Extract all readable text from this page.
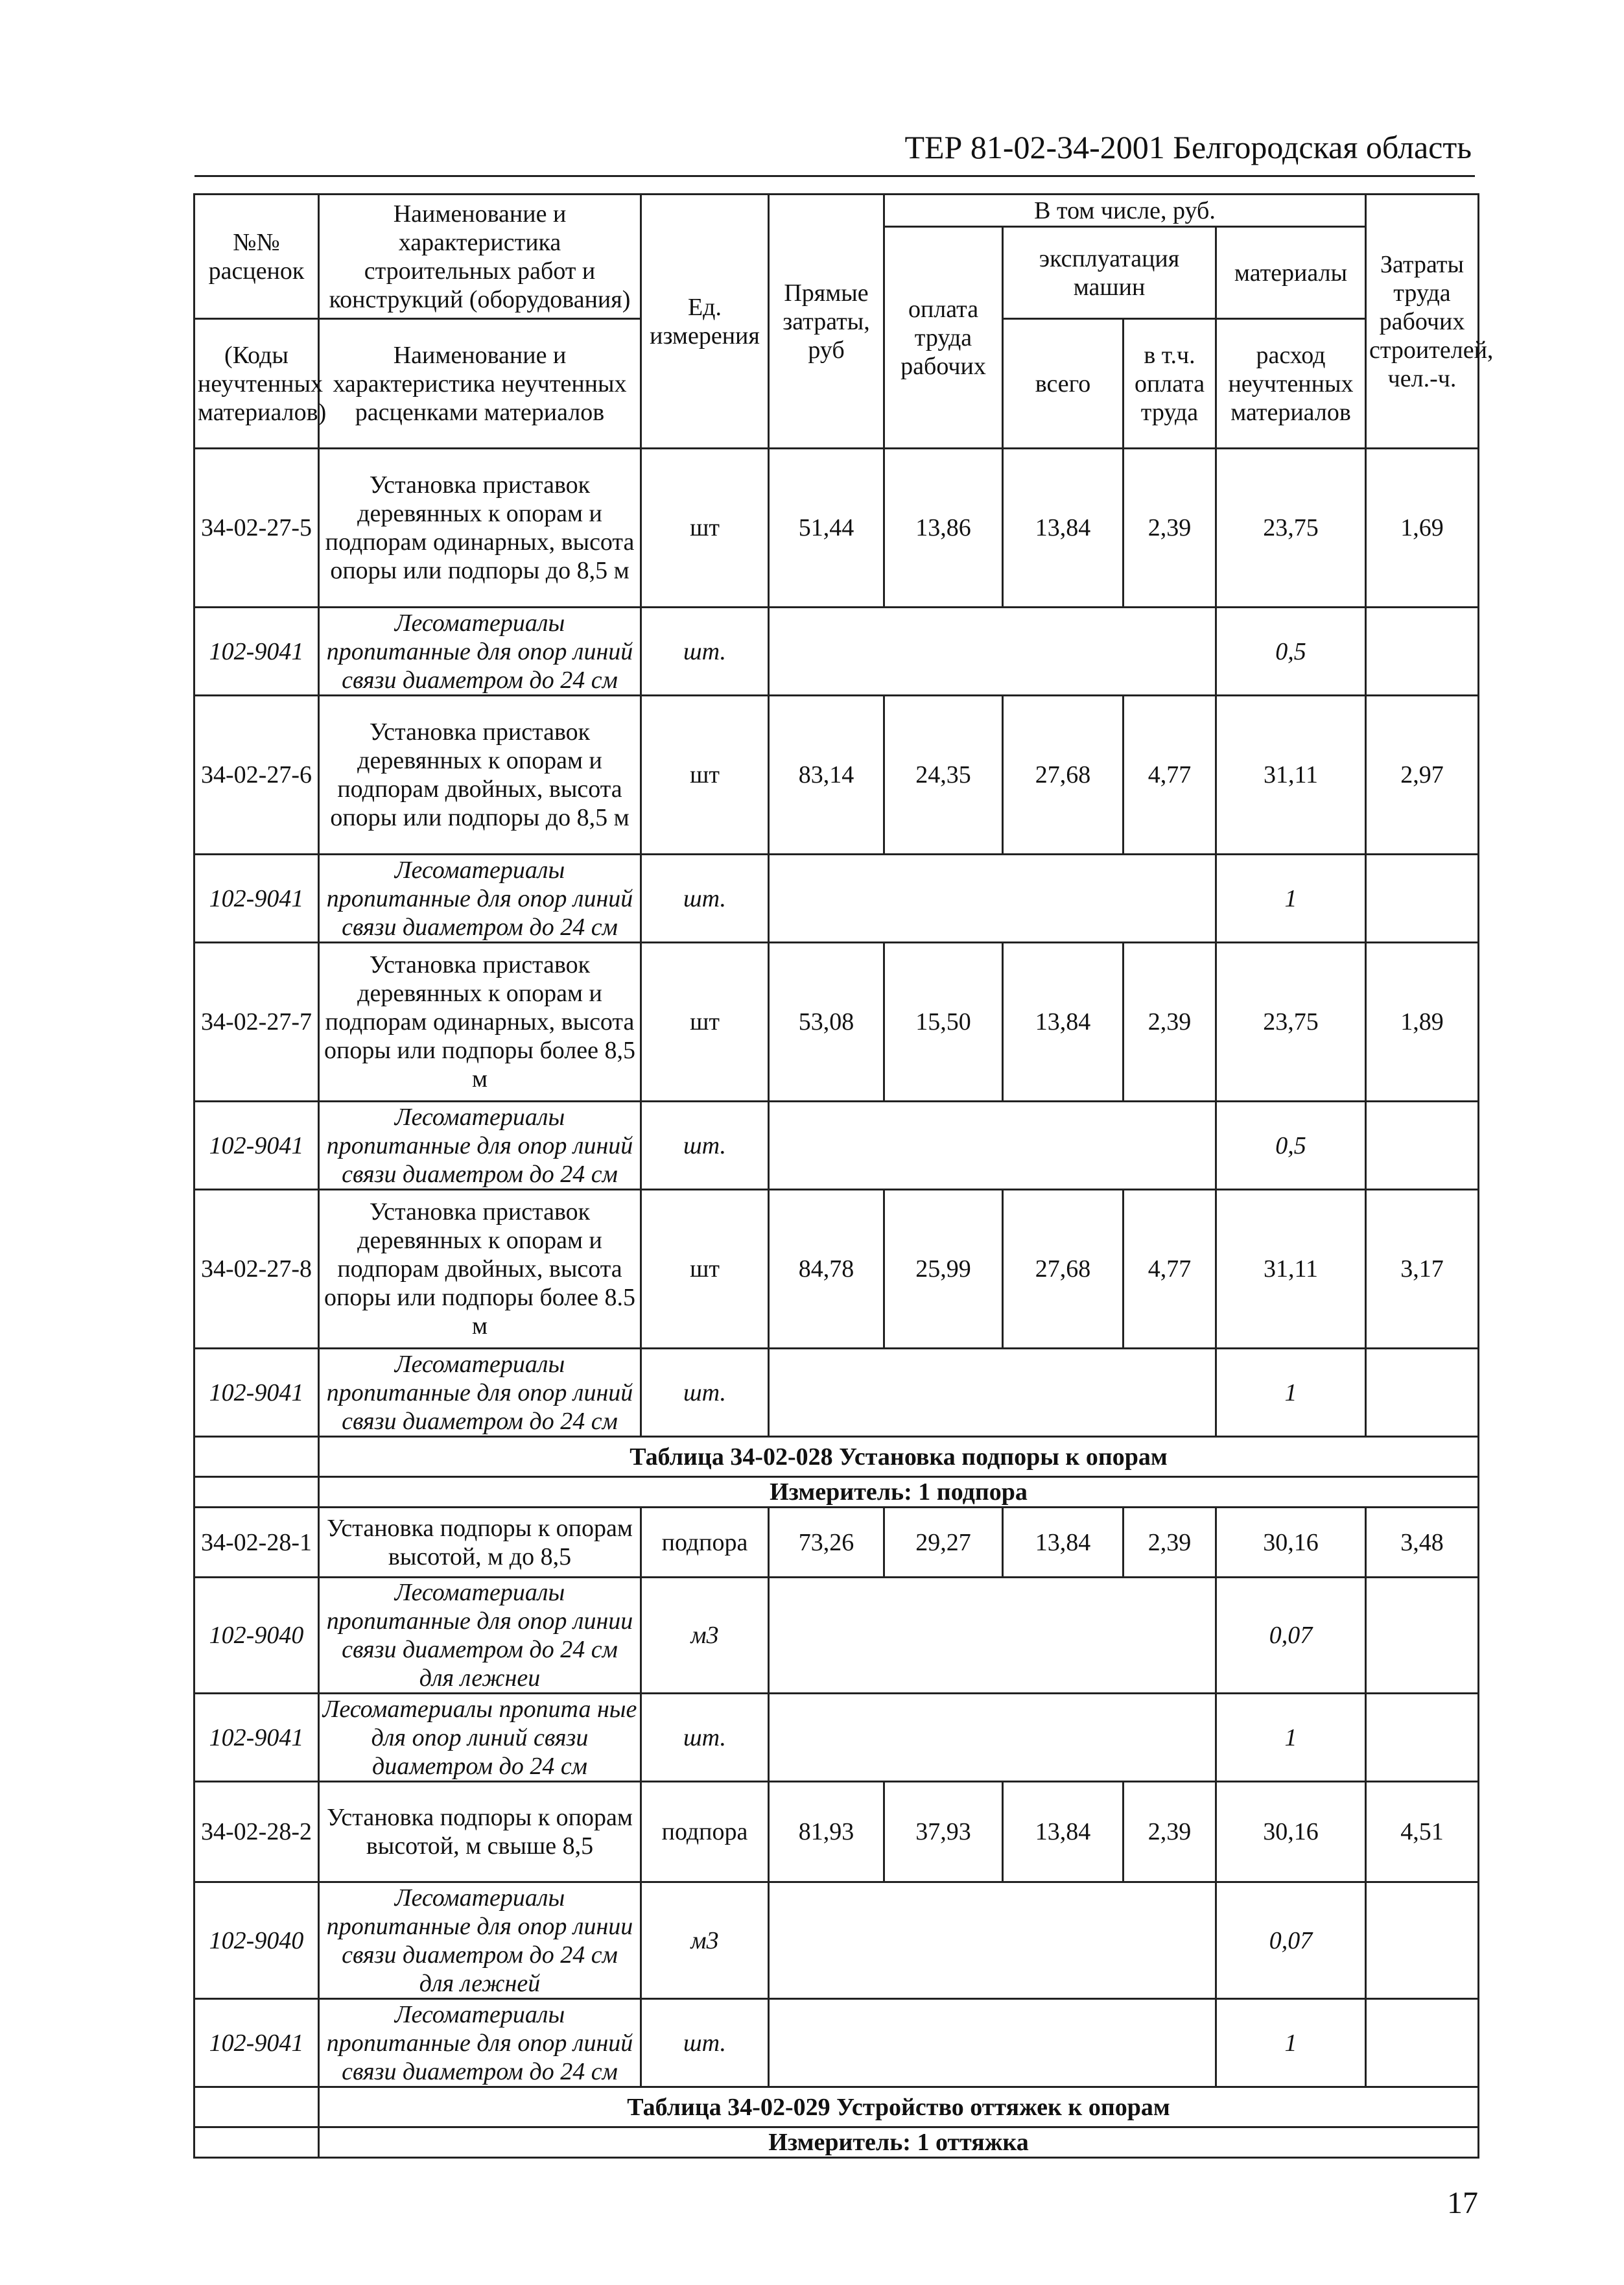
ТЕР 81-02-34-2001 Белгородская область
№№ расценок	Наименование и характеристика строительных работ и конструкций (оборудования)	Ед. измерения	Прямые затраты, руб	В том числе, руб.				Затраты труда рабочих строителей, чел.-ч.
				оплата труда рабочих	эксплуатация машин		материалы	

(Коды неучтенных материалов)	Наименование и характеристика неучтенных расценками материалов				всего	в т.ч. оплата труда	расход неучтенных материалов	

34-02-27-5	Установка приставок деревянных к опорам и подпорам одинарных, высота опоры или подпоры до 8,5 м	шт	51,44	13,86	13,84	2,39	23,75	1,69
102-9041	Лесоматериалы пропитанные для опор линий связи диаметром до 24 см	шт.					0,5	
34-02-27-6	Установка приставок деревянных к опорам и подпорам двойных, высота опоры или подпоры до 8,5 м	шт	83,14	24,35	27,68	4,77	31,11	2,97
102-9041	Лесоматериалы пропитанные для опор линий связи диаметром до 24 см	шт.					1	
34-02-27-7	Установка приставок деревянных к опорам и подпорам одинарных, высота опоры или подпоры более 8,5 м	шт	53,08	15,50	13,84	2,39	23,75	1,89
102-9041	Лесоматериалы пропитанные для опор линий связи диаметром до 24 см	шт.					0,5	
34-02-27-8	Установка приставок деревянных к опорам и подпорам двойных, высота опоры или подпоры более 8.5 м	шт	84,78	25,99	27,68	4,77	31,11	3,17
102-9041	Лесоматериалы пропитанные для опор линий связи диаметром до 24 см	шт.					1	
	Таблица 34-02-028 Установка подпоры к опорам							
	Измеритель: 1 подпора							
34-02-28-1	Установка подпоры к опорам высотой, м до 8,5	подпора	73,26	29,27	13,84	2,39	30,16	3,48
102-9040	Лесоматериалы пропитанные для опор линии связи диаметром до 24 см для лежнеи	м3					0,07	
102-9041	Лесоматериалы пропита ные для опор линий связи диаметром до 24 см	шт.					1	
34-02-28-2	Установка подпоры к опорам высотой, м свыше 8,5	подпора	81,93	37,93	13,84	2,39	30,16	4,51
102-9040	Лесоматериалы пропитанные для опор линии связи диаметром до 24 см для лежней	м3					0,07	
102-9041	Лесоматериалы пропитанные для опор линий связи диаметром до 24 см	шт.					1	
	Таблица 34-02-029 Устройство оттяжек к опорам							
	Измеритель: 1 оттяжка							
17
